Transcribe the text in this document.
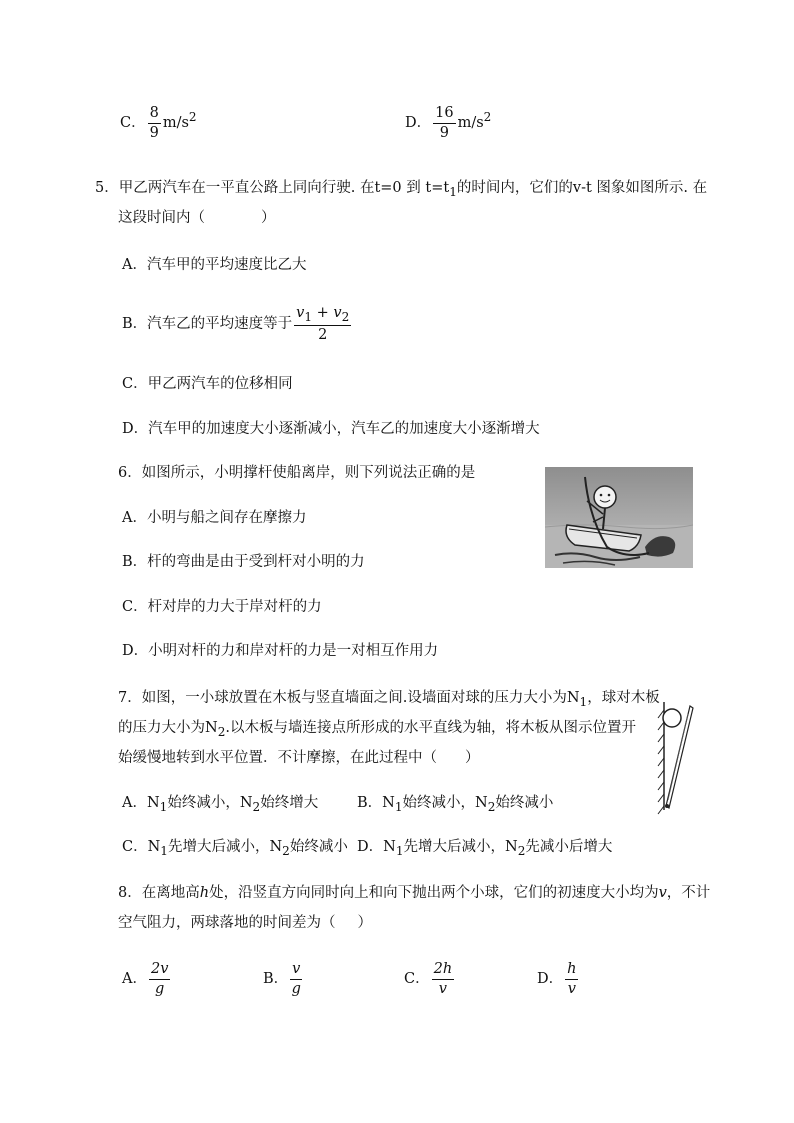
C． $\frac{8}{9} m/s^2$	D． $\frac{16}{9} m/s^2$
5．甲乙两汽车在一平直公路上同向行驶. 在t=0 到 $t=t_1$的时间内，它们的v-t 图象如图所示. 在
这段时间内（	）
A．汽车甲的平均速度比乙大
B．汽车乙的平均速度等于 $\frac{v_1 + v_2}{2}$
C．甲乙两汽车的位移相同
D．汽车甲的加速度大小逐渐减小，汽车乙的加速度大小逐渐增大
6．如图所示，小明撑杆使船离岸，则下列说法正确的是
A．小明与船之间存在摩擦力
B．杆的弯曲是由于受到杆对小明的力
C．杆对岸的力大于岸对杆的力
D．小明对杆的力和岸对杆的力是一对相互作用力
7．如图，一小球放置在木板与竖直墙面之间.设墙面对球的压力大小为$N_1$，球对木板
的压力大小为$N_2$.以木板与墙连接点所形成的水平直线为轴，将木板从图示位置开
始缓慢地转到水平位置．不计摩擦，在此过程中（ ）
A．$N_1$始终减小，$N_2$始终增大	B．$N_1$始终减小，$N_2$始终减小
C．$N_1$先增大后减小，$N_2$始终减小 D．$N_1$先增大后减小，$N_2$先减小后增大
8．在离地高h处，沿竖直方向同时向上和向下抛出两个小球，它们的初速度大小均为v，不计
空气阻力，两球落地的时间差为（ ）
A． $\frac{2v}{g}$	B． $\frac{v}{g}$	C． $\frac{2h}{v}$	D． $\frac{h}{v}$
